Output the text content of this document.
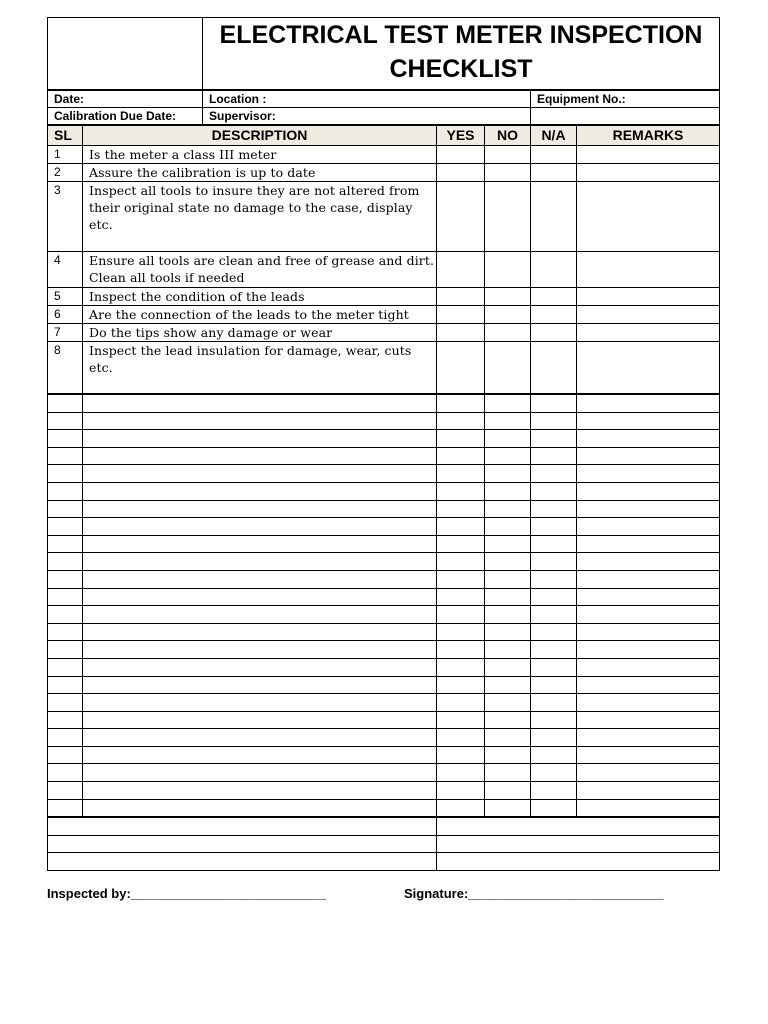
ELECTRICAL TEST METER INSPECTION
CHECKLIST
Date:	Location :	Equipment No.:
Calibration Due Date:	Supervisor:	
SL	DESCRIPTION	YES	NO	N/A	REMARKS
1	Is the meter a class III meter				
2	Assure the calibration is up to date				
3	Inspect all tools to insure they are not altered from their original state no damage to the case, display etc.				
4	Ensure all tools are clean and free of grease and dirt. Clean all tools if needed				
5	Inspect the condition of the leads				
6	Are the connection of the leads to the meter tight				
7	Do the tips show any damage or wear				
8	Inspect the lead insulation for damage, wear, cuts etc.				

Inspected by:___________________________	Signature:___________________________
